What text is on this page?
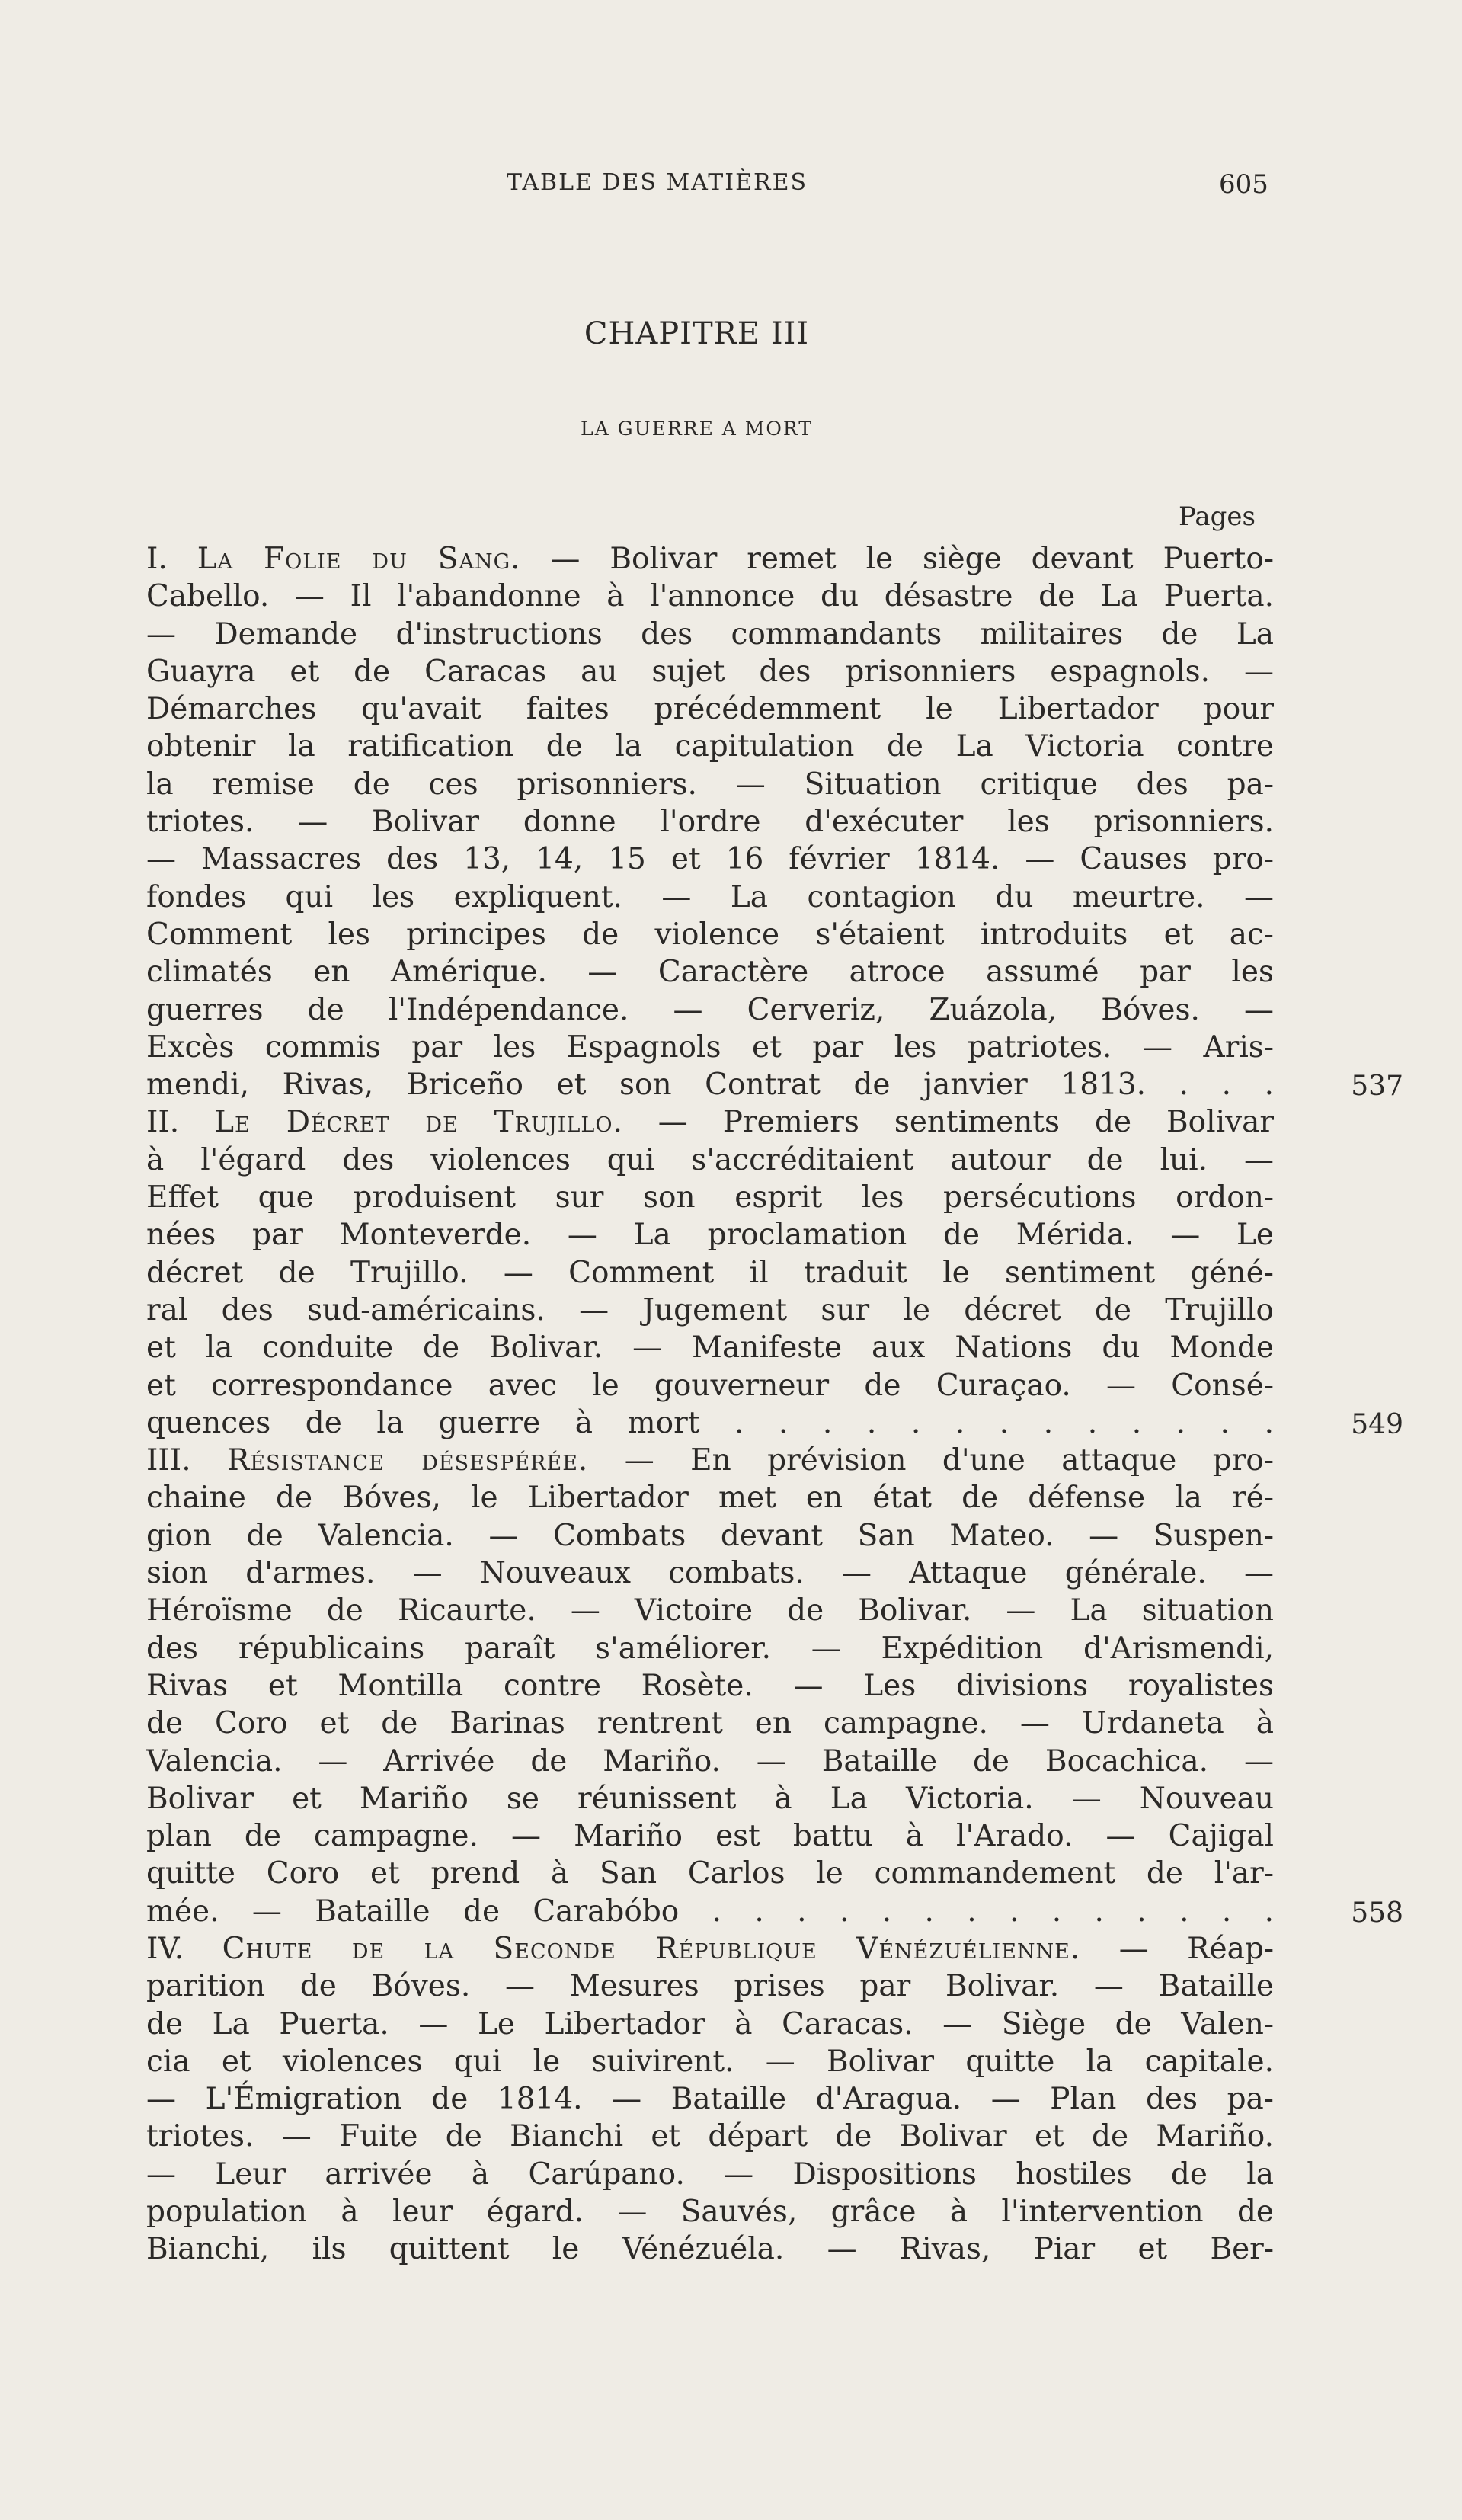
TABLE DES MATIÈRES	605
CHAPITRE III
LA GUERRE A MORT
Pages
I. La Folie du Sang. — Bolivar remet le siège devant Puerto-
Cabello. — Il l'abandonne à l'annonce du désastre de La Puerta.
— Demande d'instructions des commandants militaires de La
Guayra et de Caracas au sujet des prisonniers espagnols. —
Démarches qu'avait faites précédemment le Libertador pour
obtenir la ratification de la capitulation de La Victoria contre
la remise de ces prisonniers. — Situation critique des pa-
triotes. — Bolivar donne l'ordre d'exécuter les prisonniers.
— Massacres des 13, 14, 15 et 16 février 1814. — Causes pro-
fondes qui les expliquent. — La contagion du meurtre. —
Comment les principes de violence s'étaient introduits et ac-
climatés en Amérique. — Caractère atroce assumé par les
guerres de l'Indépendance. — Cerveriz, Zuázola, Bóves. —
Excès commis par les Espagnols et par les patriotes. — Aris-
mendi, Rivas, Briceño et son Contrat de janvier 1813. . . .	537
II. Le Décret de Trujillo. — Premiers sentiments de Bolivar
à l'égard des violences qui s'accréditaient autour de lui. —
Effet que produisent sur son esprit les persécutions ordon-
nées par Monteverde. — La proclamation de Mérida. — Le
décret de Trujillo. — Comment il traduit le sentiment géné-
ral des sud-américains. — Jugement sur le décret de Trujillo
et la conduite de Bolivar. — Manifeste aux Nations du Monde
et correspondance avec le gouverneur de Curaçao. — Consé-
quences de la guerre à mort . . . . . . . . . . . . .	549
III. Résistance désespérée. — En prévision d'une attaque pro-
chaine de Bóves, le Libertador met en état de défense la ré-
gion de Valencia. — Combats devant San Mateo. — Suspen-
sion d'armes. — Nouveaux combats. — Attaque générale. —
Héroïsme de Ricaurte. — Victoire de Bolivar. — La situation
des républicains paraît s'améliorer. — Expédition d'Arismendi,
Rivas et Montilla contre Rosète. — Les divisions royalistes
de Coro et de Barinas rentrent en campagne. — Urdaneta à
Valencia. — Arrivée de Mariño. — Bataille de Bocachica. —
Bolivar et Mariño se réunissent à La Victoria. — Nouveau
plan de campagne. — Mariño est battu à l'Arado. — Cajigal
quitte Coro et prend à San Carlos le commandement de l'ar-
mée. — Bataille de Carabóbo . . . . . . . . . . . . . .	558
IV. Chute de la Seconde République Vénézuélienne. — Réap-
parition de Bóves. — Mesures prises par Bolivar. — Bataille
de La Puerta. — Le Libertador à Caracas. — Siège de Valen-
cia et violences qui le suivirent. — Bolivar quitte la capitale.
— L'Émigration de 1814. — Bataille d'Aragua. — Plan des pa-
triotes. — Fuite de Bianchi et départ de Bolivar et de Mariño.
— Leur arrivée à Carúpano. — Dispositions hostiles de la
population à leur égard. — Sauvés, grâce à l'intervention de
Bianchi, ils quittent le Vénézuéla. — Rivas, Piar et Ber-
